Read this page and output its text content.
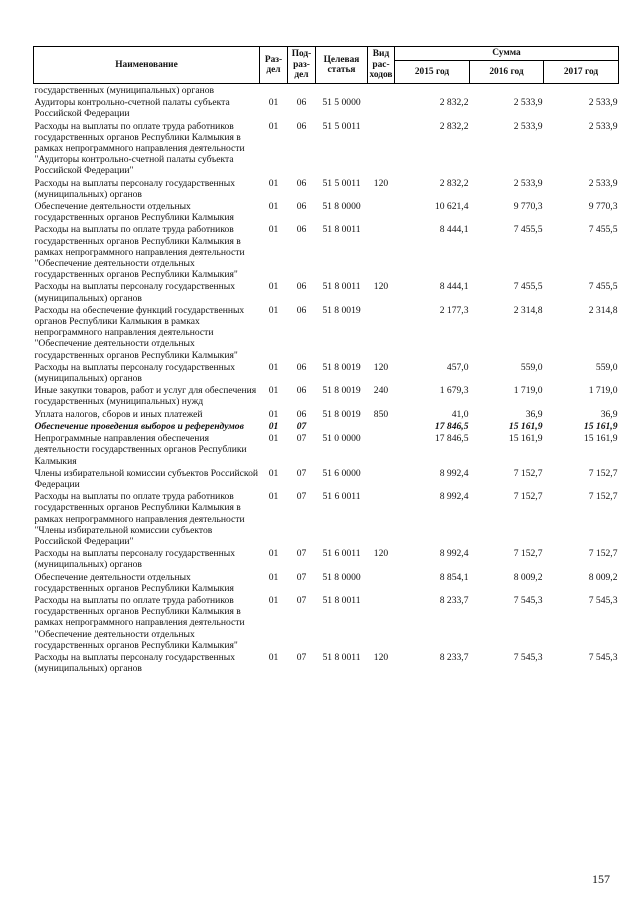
Наименование	Раз-дел	Под-раз-дел	Целевая статья	Вид рас-ходов	Сумма		
					2015 год	2016 год	2017 год
государственных (муниципальных) органов							
Аудиторы контрольно-счетной палаты субъекта Российской Федерации	01	06	51 5 0000		2 832,2	2 533,9	2 533,9
Расходы на выплаты по оплате труда работников государственных органов Республики Калмыкия в рамках непрограммного направления деятельности "Аудиторы контрольно-счетной палаты субъекта Российской Федерации"	01	06	51 5 0011		2 832,2	2 533,9	2 533,9
Расходы на выплаты персоналу государственных (муниципальных) органов	01	06	51 5 0011	120	2 832,2	2 533,9	2 533,9
Обеспечение деятельности отдельных государственных органов Республики Калмыкия	01	06	51 8 0000		10 621,4	9 770,3	9 770,3
Расходы на выплаты по оплате труда работников государственных органов Республики Калмыкия в рамках непрограммного направления деятельности "Обеспечение деятельности отдельных государственных органов Республики Калмыкия"	01	06	51 8 0011		8 444,1	7 455,5	7 455,5
Расходы на выплаты персоналу государственных (муниципальных) органов	01	06	51 8 0011	120	8 444,1	7 455,5	7 455,5
Расходы на обеспечение функций государственных органов Республики Калмыкия в рамках непрограммного направления деятельности "Обеспечение деятельности отдельных государственных органов Республики Калмыкия"	01	06	51 8 0019		2 177,3	2 314,8	2 314,8
Расходы на выплаты персоналу государственных (муниципальных) органов	01	06	51 8 0019	120	457,0	559,0	559,0
Иные закупки товаров, работ и услуг для обеспечения государственных (муниципальных) нужд	01	06	51 8 0019	240	1 679,3	1 719,0	1 719,0
Уплата налогов, сборов и иных платежей	01	06	51 8 0019	850	41,0	36,9	36,9
Обеспечение проведения выборов и референдумов	01	07			17 846,5	15 161,9	15 161,9
Непрограммные направления обеспечения деятельности государственных органов Республики Калмыкия	01	07	51 0 0000		17 846,5	15 161,9	15 161,9
Члены избирательной комиссии субъектов Российской Федерации	01	07	51 6 0000		8 992,4	7 152,7	7 152,7
Расходы на выплаты по оплате труда работников государственных органов Республики Калмыкия в рамках непрограммного направления деятельности "Члены избирательной комиссии субъектов Российской Федерации"	01	07	51 6 0011		8 992,4	7 152,7	7 152,7
Расходы на выплаты персоналу государственных (муниципальных) органов	01	07	51 6 0011	120	8 992,4	7 152,7	7 152,7
Обеспечение деятельности отдельных государственных органов Республики Калмыкия	01	07	51 8 0000		8 854,1	8 009,2	8 009,2
Расходы на выплаты по оплате труда работников государственных органов Республики Калмыкия в рамках непрограммного направления деятельности "Обеспечение деятельности отдельных государственных органов Республики Калмыкия"	01	07	51 8 0011		8 233,7	7 545,3	7 545,3
Расходы на выплаты персоналу государственных (муниципальных) органов	01	07	51 8 0011	120	8 233,7	7 545,3	7 545,3
157
